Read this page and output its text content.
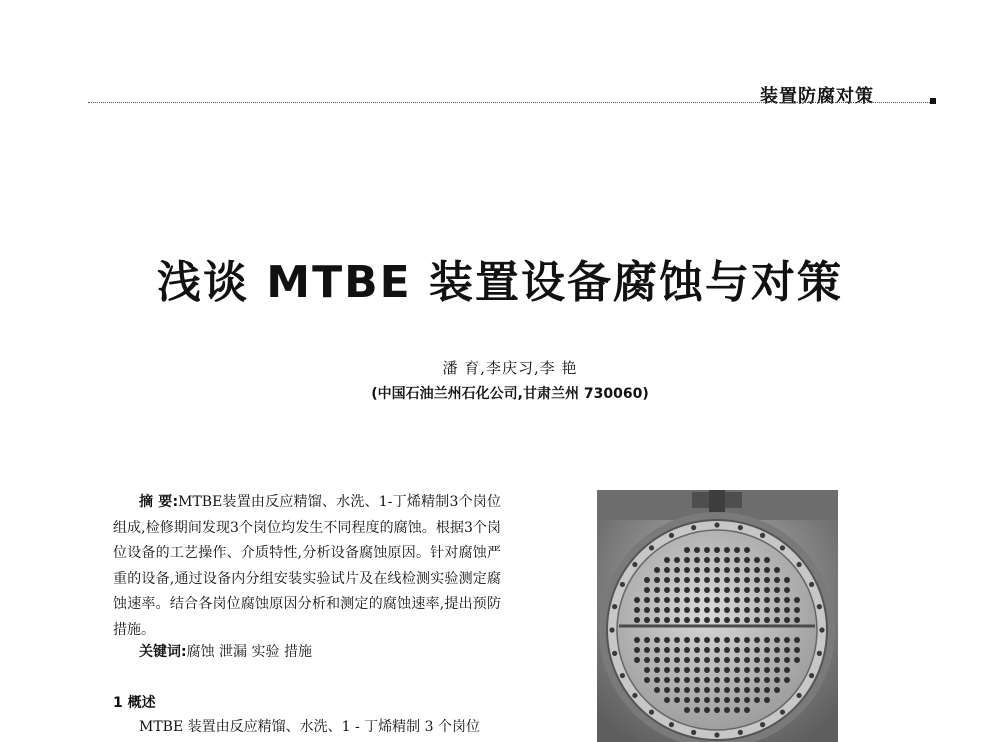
装置防腐对策
浅谈 MTBE 装置设备腐蚀与对策
潘 育,李庆习,李 艳
(中国石油兰州石化公司,甘肃兰州 730060)
摘 要:MTBE装置由反应精馏、水洗、1-丁烯精制3个岗位组成,检修期间发现3个岗位均发生不同程度的腐蚀。根据3个岗位设备的工艺操作、介质特性,分析设备腐蚀原因。针对腐蚀严重的设备,通过设备内分组安装实验试片及在线检测实验测定腐蚀速率。结合各岗位腐蚀原因分析和测定的腐蚀速率,提出预防措施。
关键词:腐蚀 泄漏 实验 措施
1 概述
MTBE 装置由反应精馏、水洗、1 - 丁烯精制 3 个岗位
